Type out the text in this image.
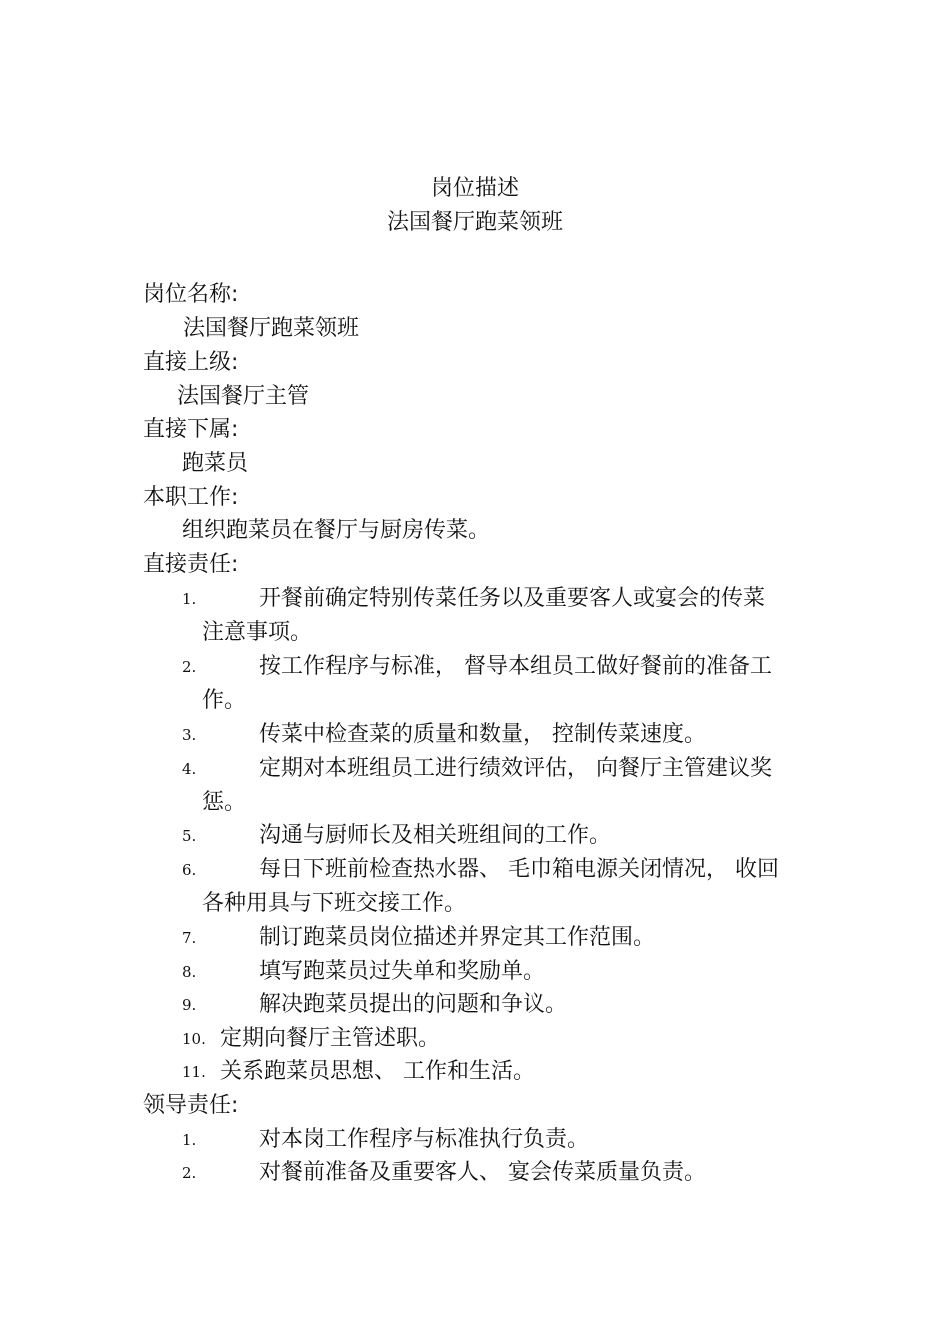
岗位描述
法国餐厅跑菜领班
岗位名称:
法国餐厅跑菜领班
直接上级:
法国餐厅主管
直接下属:
跑菜员
本职工作:
组织跑菜员在餐厅与厨房传菜。
直接责任:
1.	开餐前确定特别传菜任务以及重要客人或宴会的传菜
注意事项。
2.	按工作程序与标准， 督导本组员工做好餐前的准备工
作。
3.	传菜中检查菜的质量和数量， 控制传菜速度。
4.	定期对本班组员工进行绩效评估， 向餐厅主管建议奖
惩。
5.	沟通与厨师长及相关班组间的工作。
6.	每日下班前检查热水器、 毛巾箱电源关闭情况， 收回
各种用具与下班交接工作。
7.	制订跑菜员岗位描述并界定其工作范围。
8.	填写跑菜员过失单和奖励单。
9.	解决跑菜员提出的问题和争议。
10. 定期向餐厅主管述职。
11. 关系跑菜员思想、 工作和生活。
领导责任:
1.	对本岗工作程序与标准执行负责。
2.	对餐前准备及重要客人、 宴会传菜质量负责。
